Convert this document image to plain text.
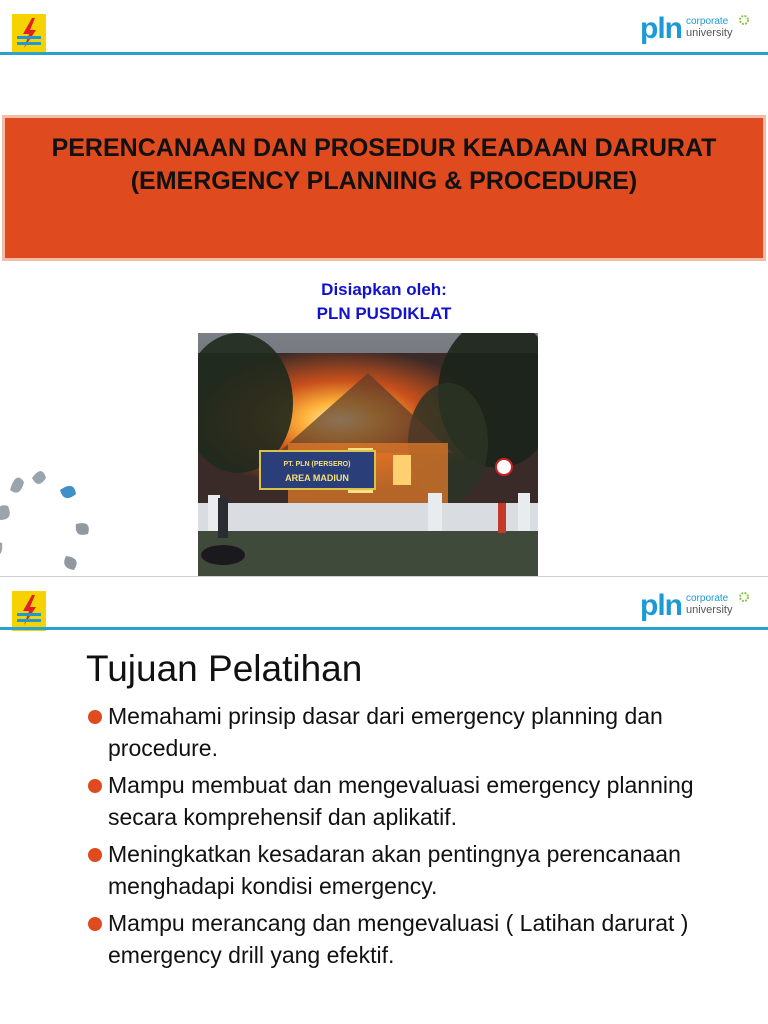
pln corporate
university
PERENCANAAN DAN PROSEDUR KEADAAN DARURAT (EMERGENCY PLANNING & PROCEDURE)
Disiapkan oleh:
PLN PUSDIKLAT
PT. PLN (PERSERO)
AREA MADIUN
pln corporate
university
Tujuan Pelatihan
Memahami prinsip dasar dari emergency planning dan procedure.
Mampu membuat dan mengevaluasi emergency planning secara komprehensif dan aplikatif.
Meningkatkan kesadaran akan pentingnya perencanaan menghadapi kondisi emergency.
Mampu merancang dan mengevaluasi ( Latihan darurat ) emergency drill yang efektif.
